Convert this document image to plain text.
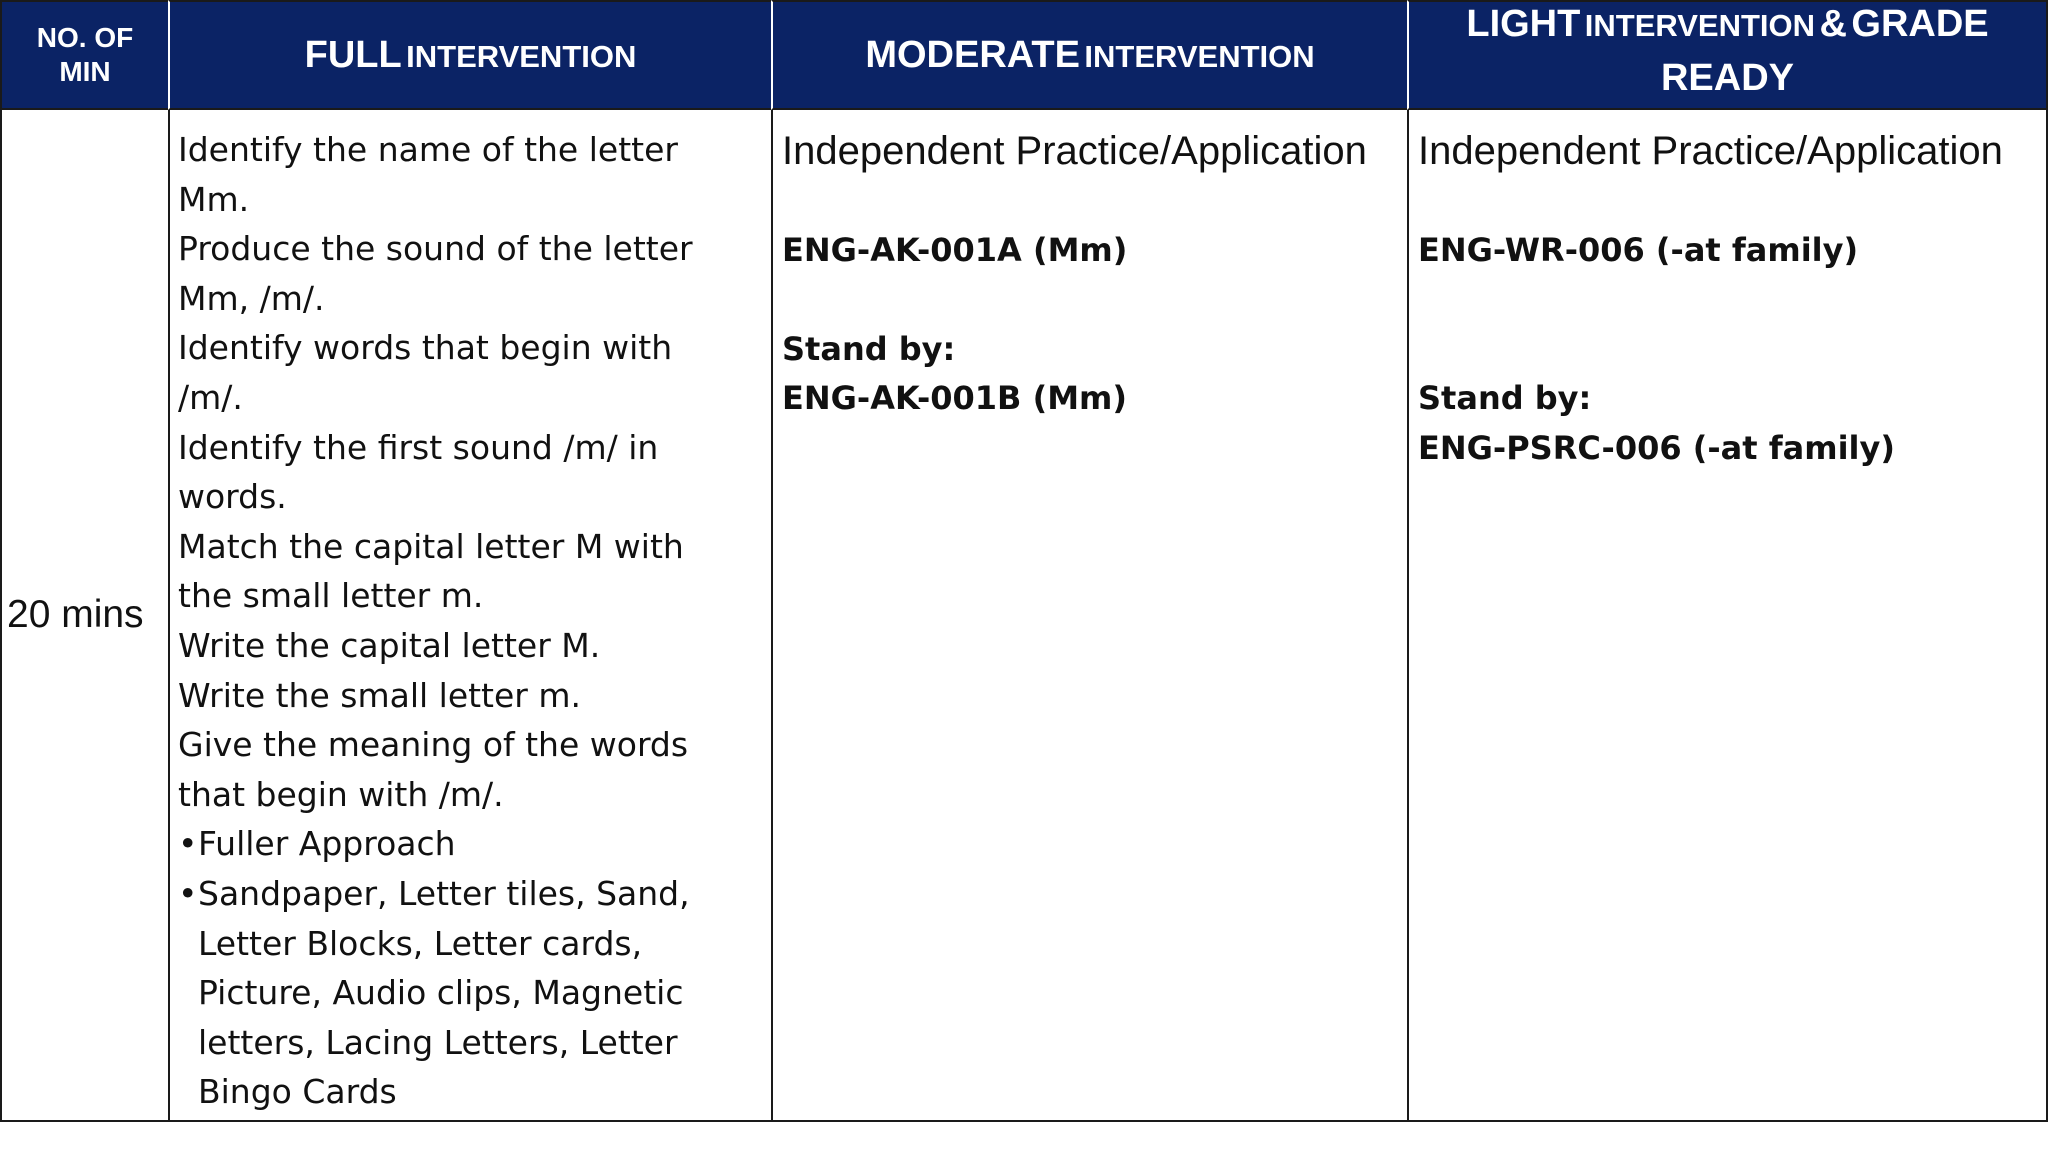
NO. OF
MIN	FULL INTERVENTION	MODERATE INTERVENTION
LIGHT INTERVENTION & GRADE
READY
20 mins

Identify the name of the letter

Mm.

Produce the sound of the letter

Mm, /m/.

Identify words that begin with

/m/.

Identify the first sound /m/ in

words.

Match the capital letter M with

the small letter m.

Write the capital letter M.

Write the small letter m.

Give the meaning of the words

that begin with /m/.

• Fuller Approach
• Sandpaper, Letter tiles, Sand, Letter Blocks, Letter cards, Picture, Audio clips, Magnetic letters, Lacing Letters, Letter Bingo Cards
Independent Practice/Application
ENG-AK-001A (Mm)
Stand by:
ENG-AK-001B (Mm)
Independent Practice/Application
ENG-WR-006 (-at family)
Stand by:
ENG-PSRC-006 (-at family)
